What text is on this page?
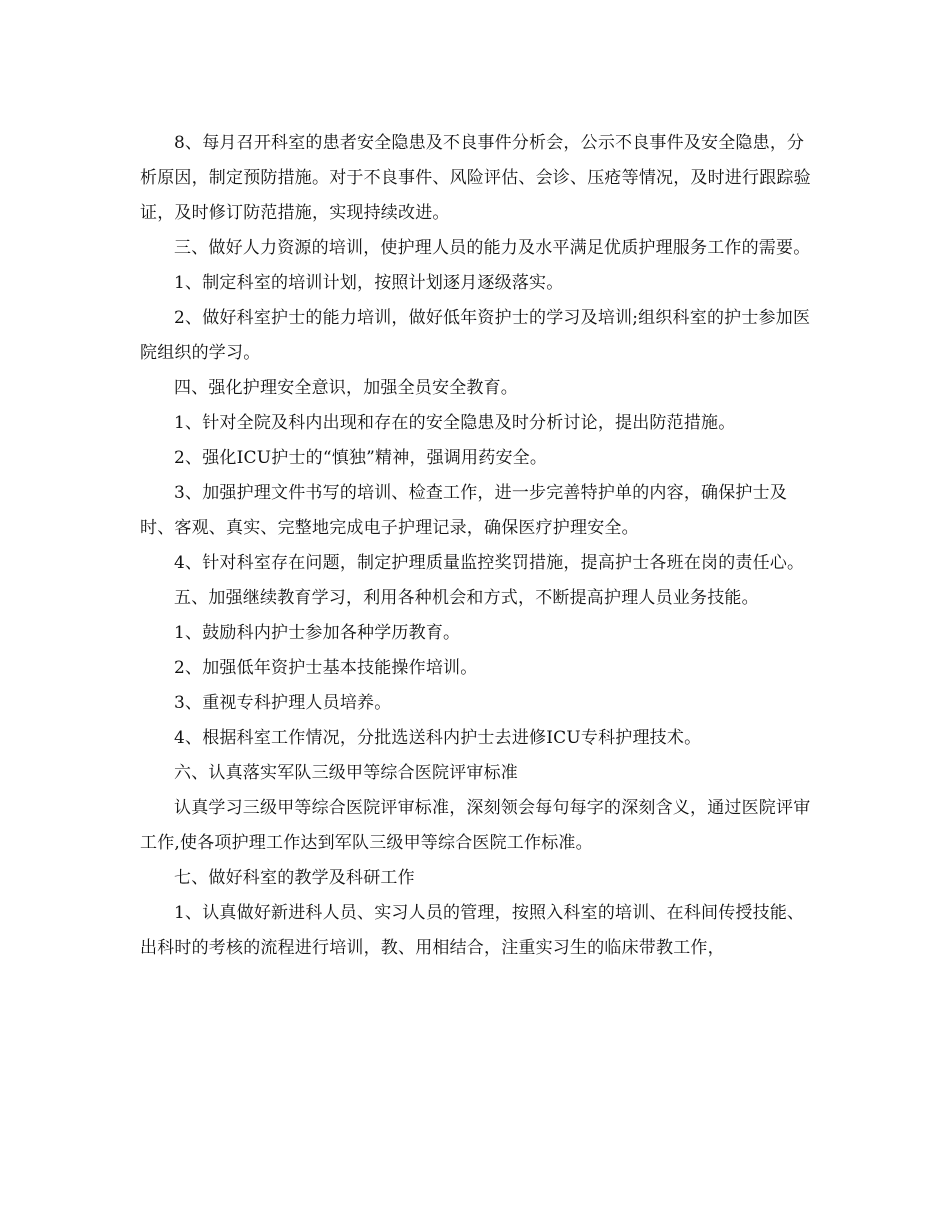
8、每月召开科室的患者安全隐患及不良事件分析会，公示不良事件及安全隐患，分析原因，制定预防措施。对于不良事件、风险评估、会诊、压疮等情况，及时进行跟踪验证，及时修订防范措施，实现持续改进。

三、做好人力资源的培训，使护理人员的能力及水平满足优质护理服务工作的需要。

1、制定科室的培训计划，按照计划逐月逐级落实。

2、做好科室护士的能力培训，做好低年资护士的学习及培训;组织科室的护士参加医院组织的学习。

四、强化护理安全意识，加强全员安全教育。

1、针对全院及科内出现和存在的安全隐患及时分析讨论，提出防范措施。

2、强化ICU护士的“慎独”精神，强调用药安全。

3、加强护理文件书写的培训、检查工作，进一步完善特护单的内容，确保护士及时、客观、真实、完整地完成电子护理记录，确保医疗护理安全。

4、针对科室存在问题，制定护理质量监控奖罚措施，提高护士各班在岗的责任心。

五、加强继续教育学习，利用各种机会和方式，不断提高护理人员业务技能。

1、鼓励科内护士参加各种学历教育。

2、加强低年资护士基本技能操作培训。

3、重视专科护理人员培养。

4、根据科室工作情况，分批选送科内护士去进修ICU专科护理技术。

六、认真落实军队三级甲等综合医院评审标准

认真学习三级甲等综合医院评审标准，深刻领会每句每字的深刻含义，通过医院评审工作,使各项护理工作达到军队三级甲等综合医院工作标准。

七、做好科室的教学及科研工作

1、认真做好新进科人员、实习人员的管理，按照入科室的培训、在科间传授技能、出科时的考核的流程进行培训，教、用相结合，注重实习生的临床带教工作，
